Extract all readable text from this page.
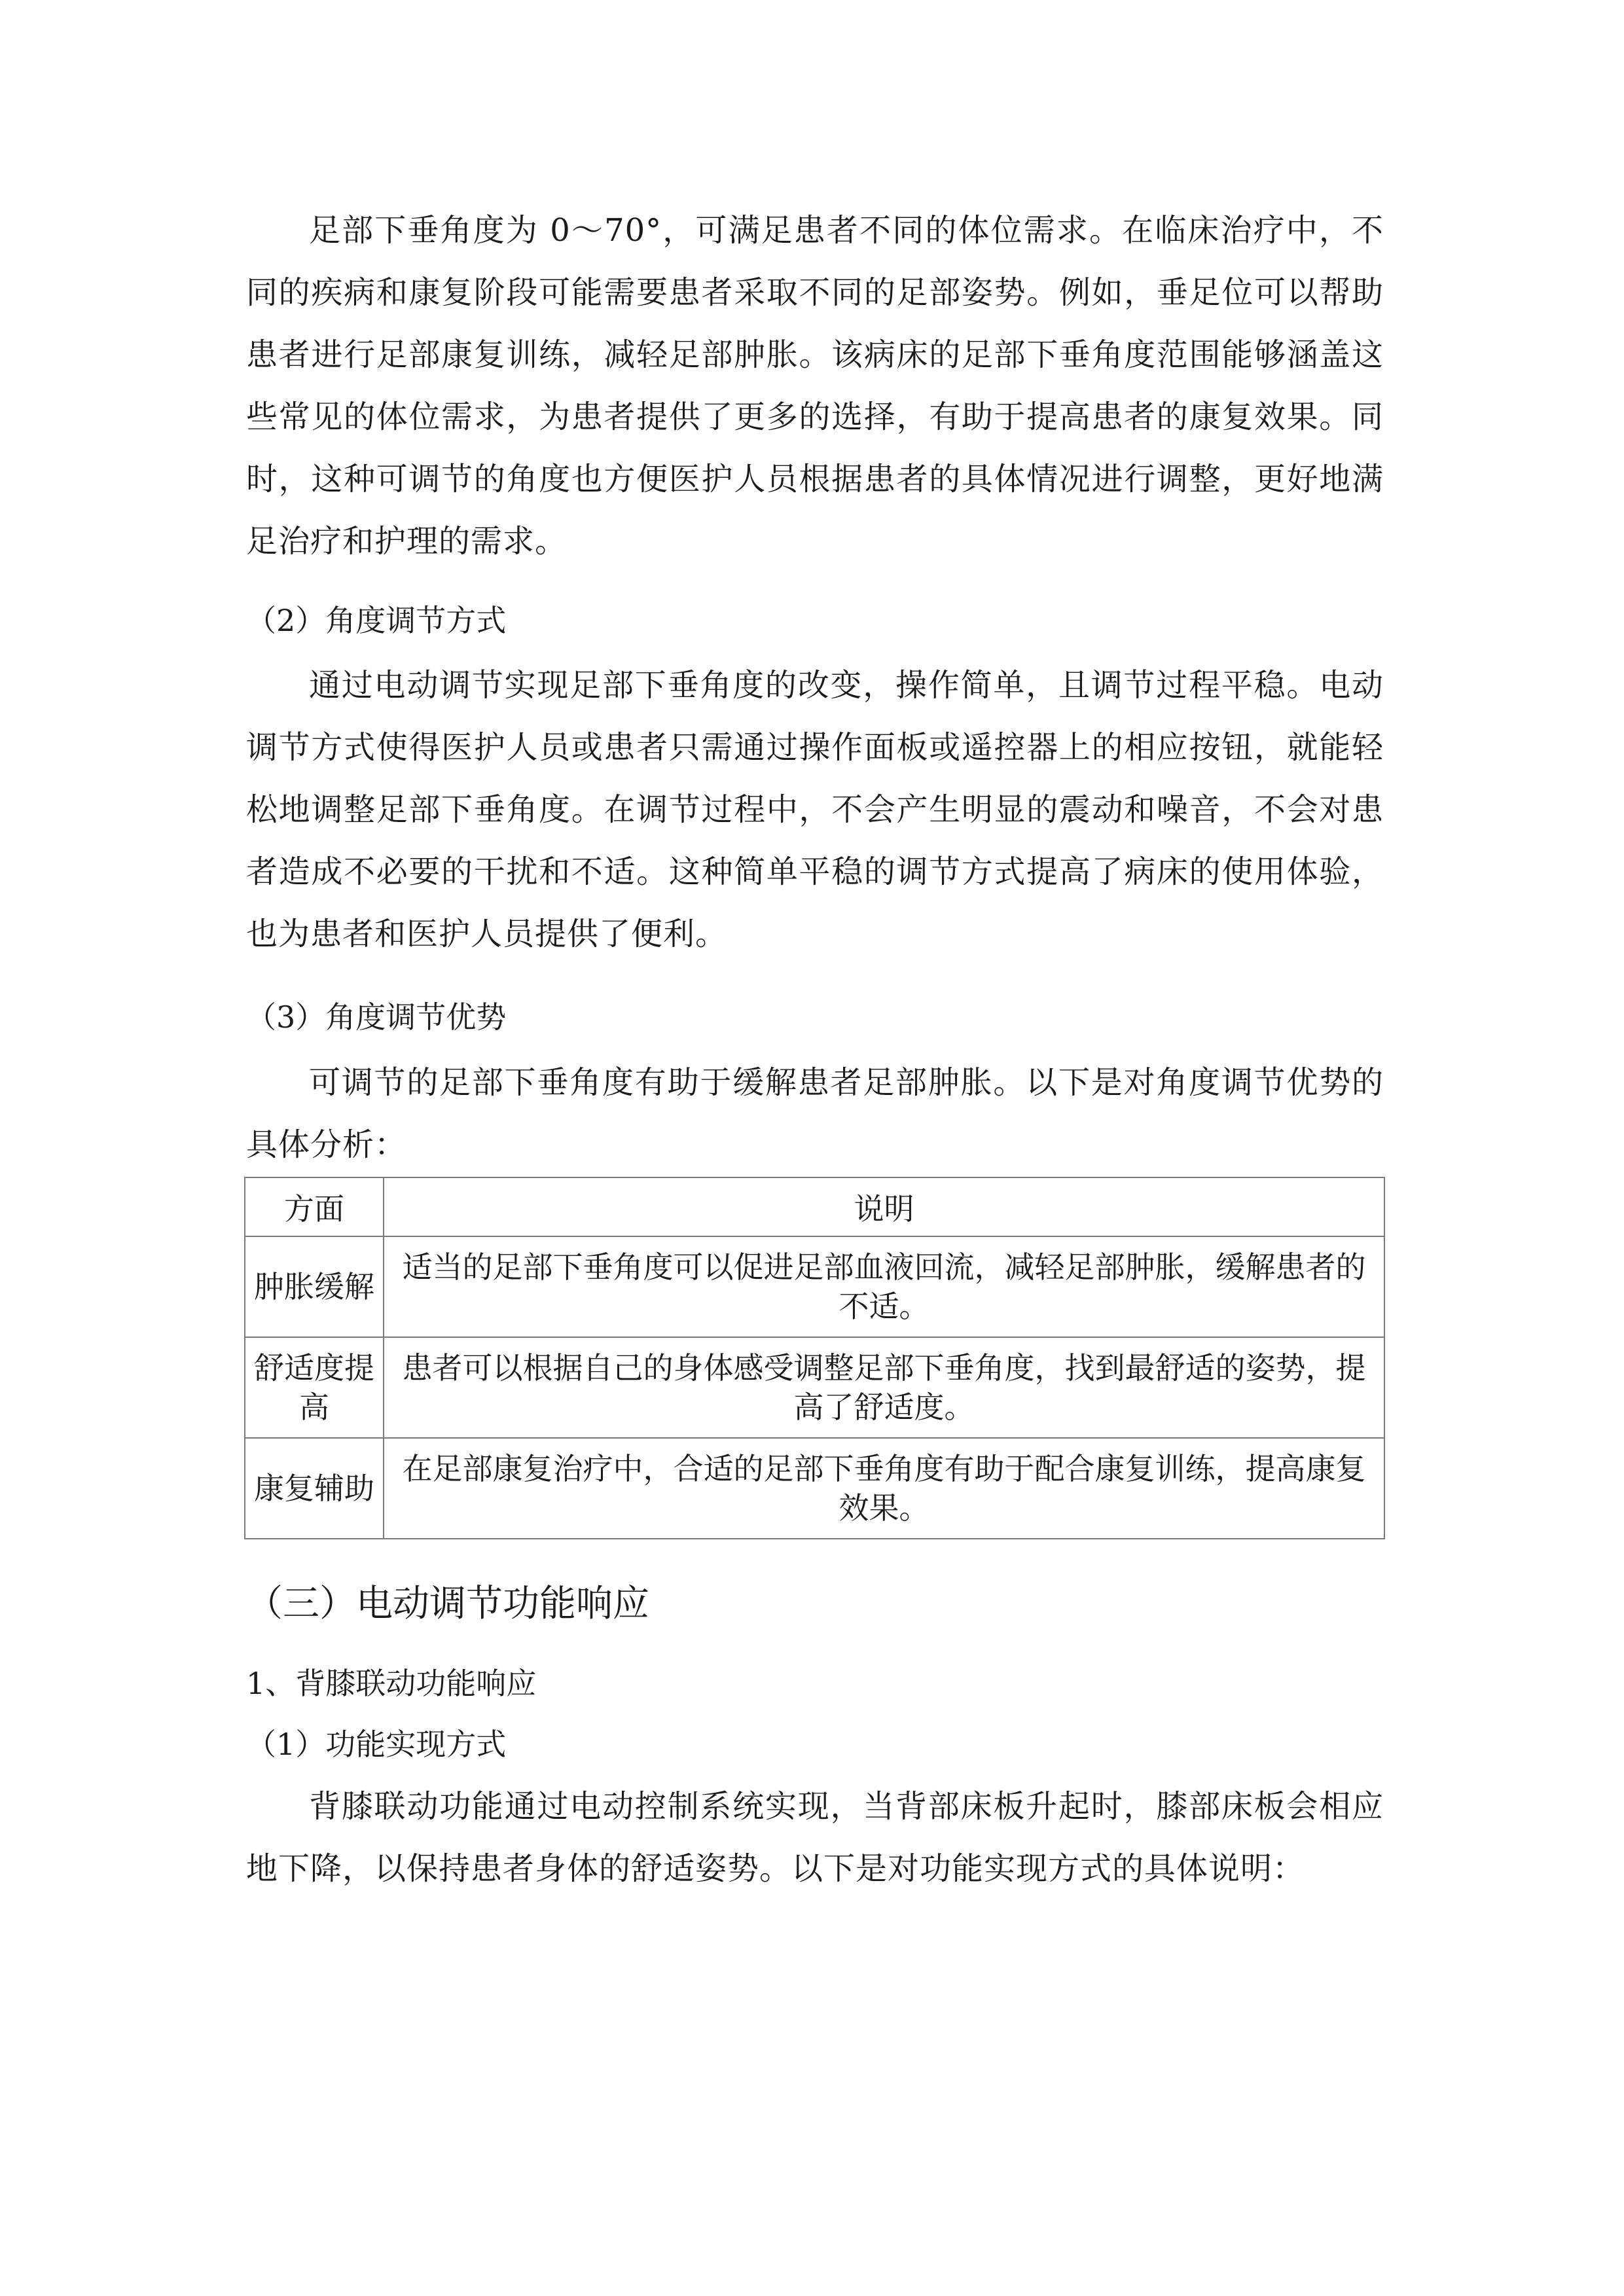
足部下垂角度为 0～70°，可满足患者不同的体位需求。在临床治疗中，不同的疾病和康复阶段可能需要患者采取不同的足部姿势。例如，垂足位可以帮助患者进行足部康复训练，减轻足部肿胀。该病床的足部下垂角度范围能够涵盖这些常见的体位需求，为患者提供了更多的选择，有助于提高患者的康复效果。同时，这种可调节的角度也方便医护人员根据患者的具体情况进行调整，更好地满足治疗和护理的需求。

（2）角度调节方式

通过电动调节实现足部下垂角度的改变，操作简单，且调节过程平稳。电动调节方式使得医护人员或患者只需通过操作面板或遥控器上的相应按钮，就能轻松地调整足部下垂角度。在调节过程中，不会产生明显的震动和噪音，不会对患者造成不必要的干扰和不适。这种简单平稳的调节方式提高了病床的使用体验，也为患者和医护人员提供了便利。

（3）角度调节优势

可调节的足部下垂角度有助于缓解患者足部肿胀。以下是对角度调节优势的具体分析：

方面	说明
肿胀缓解	适当的足部下垂角度可以促进足部血液回流，减轻足部肿胀，缓解患者的不适。
舒适度提高	患者可以根据自己的身体感受调整足部下垂角度，找到最舒适的姿势，提高了舒适度。
康复辅助	在足部康复治疗中，合适的足部下垂角度有助于配合康复训练，提高康复效果。

（三）电动调节功能响应

1、背膝联动功能响应

（1）功能实现方式

背膝联动功能通过电动控制系统实现，当背部床板升起时，膝部床板会相应地下降，以保持患者身体的舒适姿势。以下是对功能实现方式的具体说明：
